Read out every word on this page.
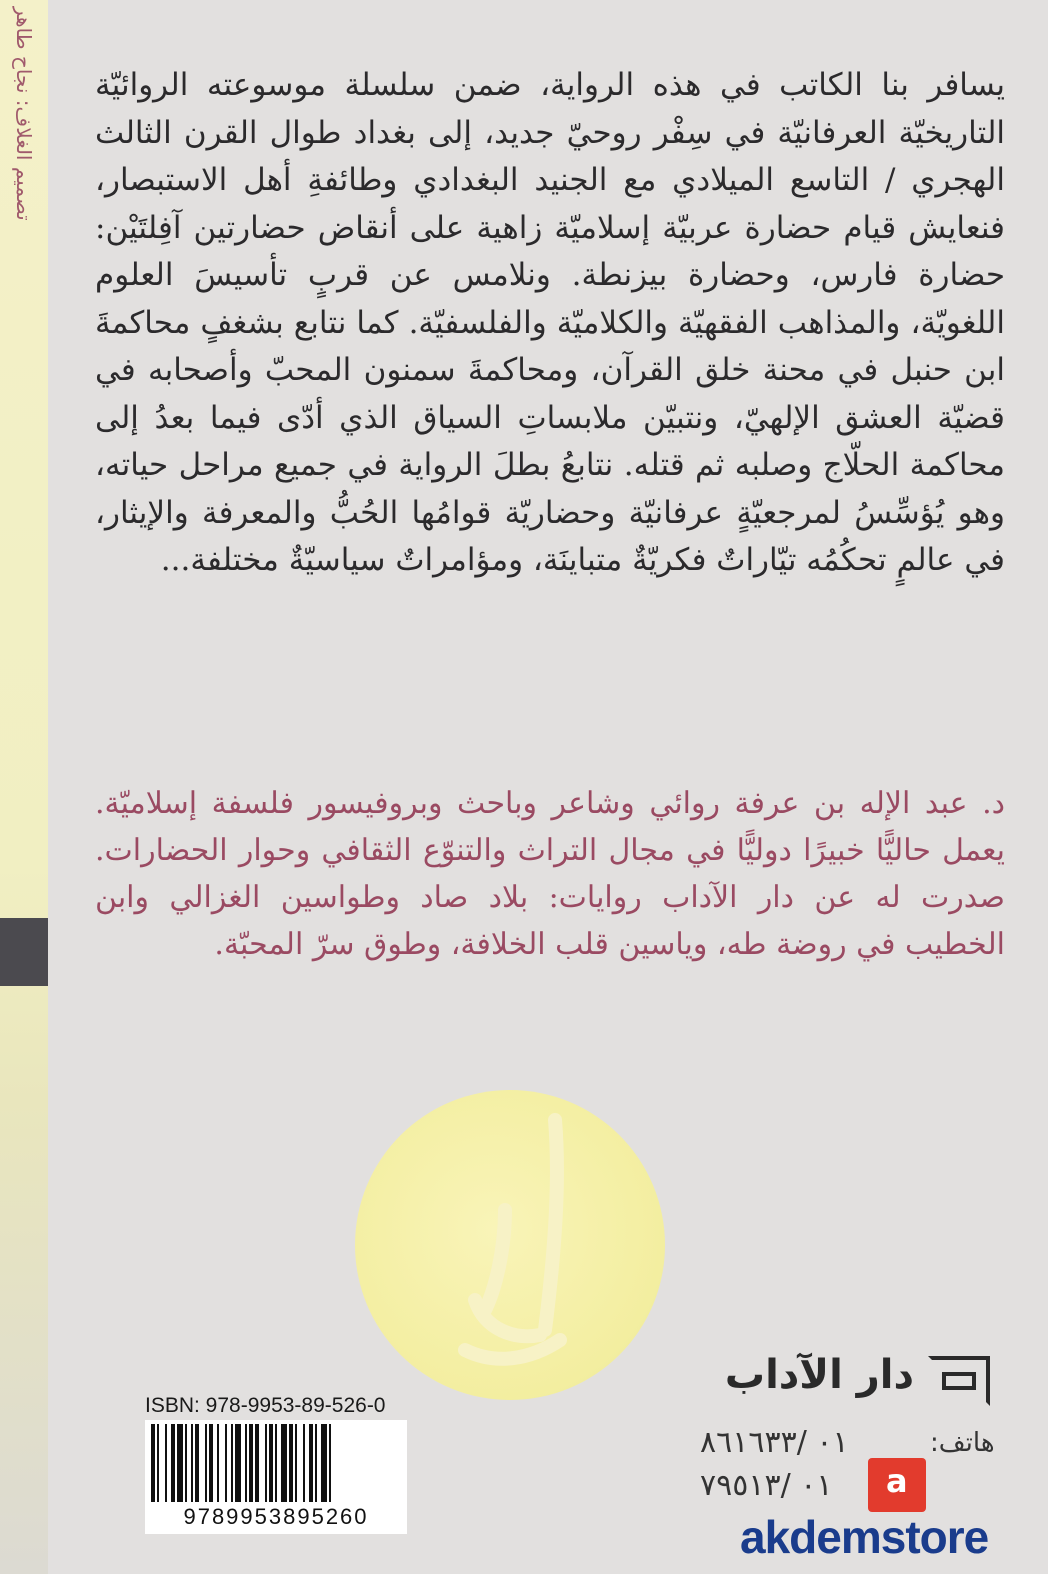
تصميم الغلاف: نجاح طاهر يسافر بنا الكاتب في هذه الرواية، ضمن سلسلة موسوعته الروائيّة التاريخيّة العرفانيّة في سِفْر روحيّ جديد، إلى بغداد طوال القرن الثالث الهجري / التاسع الميلادي مع الجنيد البغدادي وطائفةِ أهل الاستبصار، فنعايش قيام حضارة عربيّة إسلاميّة زاهية على أنقاض حضارتين آفِلتَيْن: حضارة فارس، وحضارة بيزنطة. ونلامس عن قربٍ تأسيسَ العلوم اللغويّة، والمذاهب الفقهيّة والكلاميّة والفلسفيّة. كما نتابع بشغفٍ محاكمةَ ابن حنبل في محنة خلق القرآن، ومحاكمةَ سمنون المحبّ وأصحابه في قضيّة العشق الإلهيّ، ونتبيّن ملابساتِ السياق الذي أدّى فيما بعدُ إلى محاكمة الحلّاج وصلبه ثم قتله. نتابعُ بطلَ الرواية في جميع مراحل حياته، وهو يُؤسِّسُ لمرجعيّةٍ عرفانيّة وحضاريّة قوامُها الحُبُّ والمعرفة والإيثار، في عالمٍ تحكُمُه تيّاراتٌ فكريّةٌ متباينَة، ومؤامراتٌ سياسيّةٌ مختلفة...
د. عبد الإله بن عرفة روائي وشاعر وباحث وبروفيسور فلسفة إسلاميّة. يعمل حاليًّا خبيرًا دوليًّا في مجال التراث والتنوّع الثقافي وحوار الحضارات. صدرت له عن دار الآداب روايات: بلاد صاد وطواسين الغزالي وابن الخطيب في روضة طه، وياسين قلب الخلافة، وطوق سرّ المحبّة.
دار الآداب
هاتف:
٠١ /٨٦١٦٣٣
٠١ /٧٩٥١٣
ISBN: 978-9953-89-526-0
9789953895260
a
akdemstore
